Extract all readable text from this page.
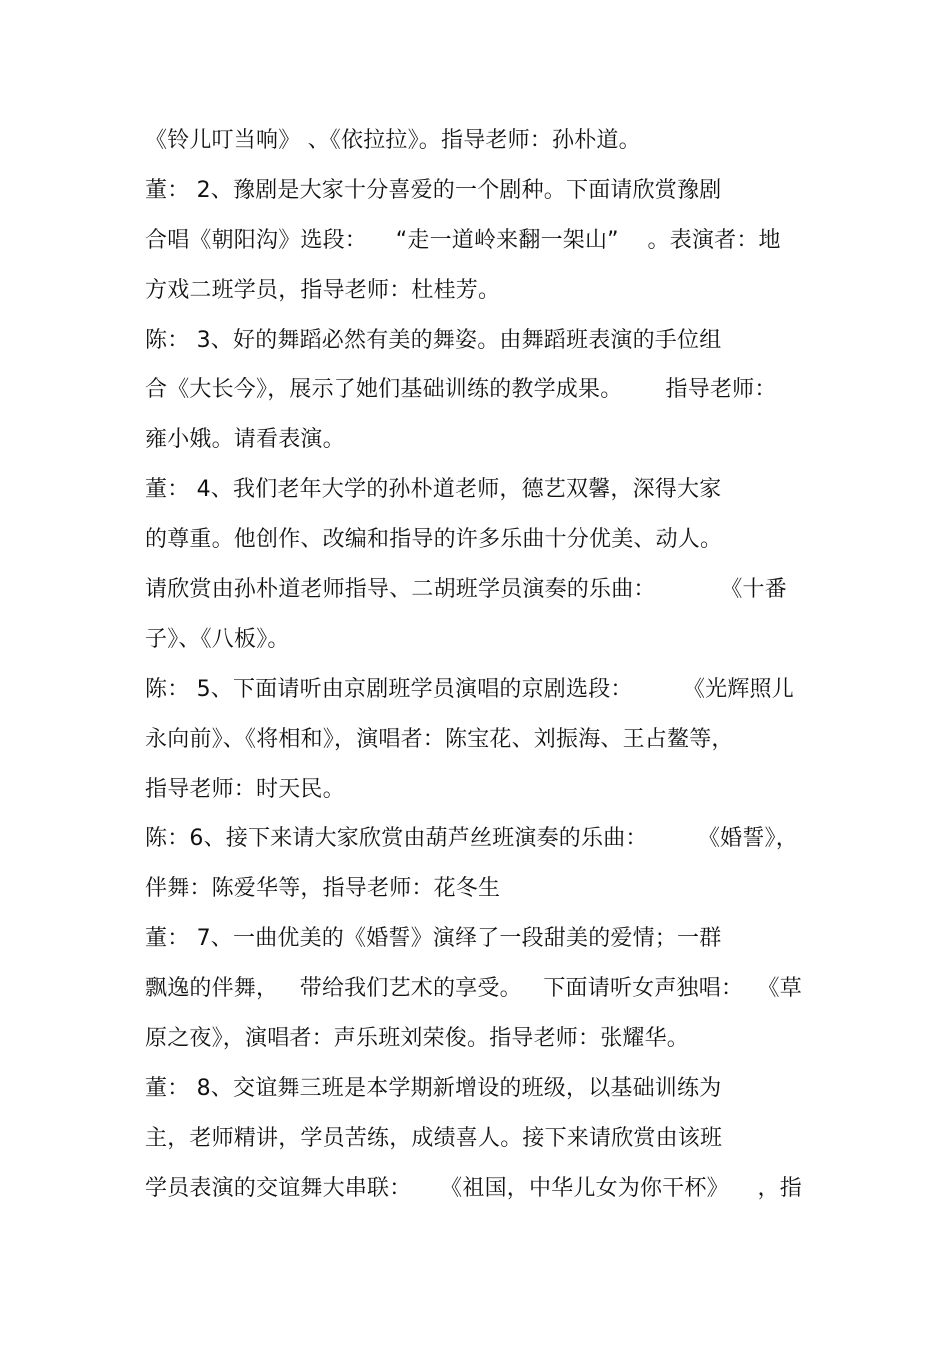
《铃儿叮当响》 、《依拉拉》。指导老师：孙朴道。
董： 2、豫剧是大家十分喜爱的一个剧种。下面请欣赏豫剧
合唱《朝阳沟》选段：    “走一道岭来翻一架山”    。表演者：地
方戏二班学员，指导老师：杜桂芳。
陈： 3、好的舞蹈必然有美的舞姿。由舞蹈班表演的手位组
合《大长今》，展示了她们基础训练的教学成果。      指导老师：
雍小娥。请看表演。
董： 4、我们老年大学的孙朴道老师，德艺双馨，深得大家
的尊重。他创作、改编和指导的许多乐曲十分优美、动人。
请欣赏由孙朴道老师指导、二胡班学员演奏的乐曲：         《十番
子》、《八板》。
陈： 5、下面请听由京剧班学员演唱的京剧选段：       《光辉照儿
永向前》、《将相和》，演唱者：陈宝花、刘振海、王占鳌等，
指导老师：时天民。
陈：6、接下来请大家欣赏由葫芦丝班演奏的乐曲：       《婚誓》，
伴舞：陈爱华等，指导老师：花冬生
董： 7、一曲优美的《婚誓》演绎了一段甜美的爱情；一群
飘逸的伴舞，   带给我们艺术的享受。   下面请听女声独唱：  《草
原之夜》，演唱者：声乐班刘荣俊。指导老师：张耀华。
董： 8、交谊舞三班是本学期新增设的班级，以基础训练为
主，老师精讲，学员苦练，成绩喜人。接下来请欣赏由该班
学员表演的交谊舞大串联：    《祖国，中华儿女为你干杯》    ，指
